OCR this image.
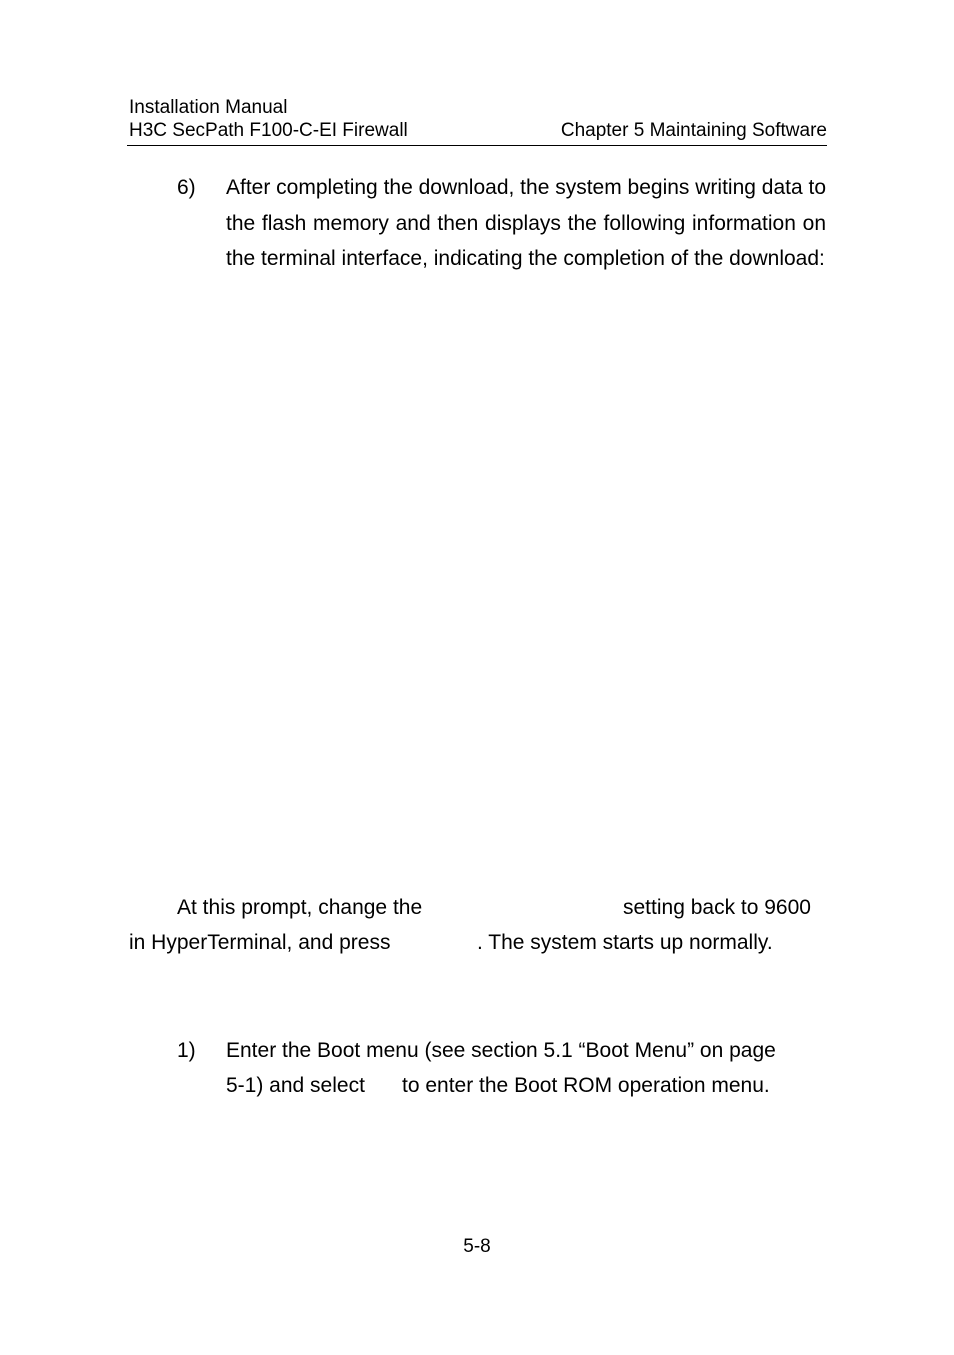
Installation Manual
H3C SecPath F100-C-EI Firewall	Chapter 5 Maintaining Software
6) After completing the download, the system begins writing data to the flash memory and then displays the following information on the terminal interface, indicating the completion of the download:
At this prompt, change the	setting back to 9600
in HyperTerminal, and press	. The system starts up normally.
1) Enter the Boot menu (see section 5.1 “Boot Menu” on page
5-1) and select to enter the Boot ROM operation menu.
5-8
